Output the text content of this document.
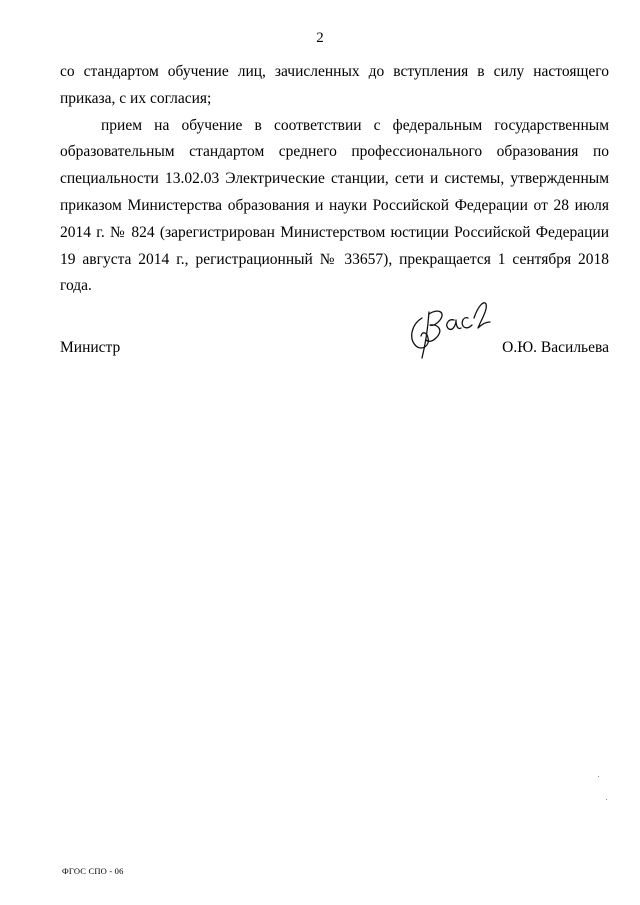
2

со стандартом обучение лиц, зачисленных до вступления в силу настоящего приказа, с их согласия;

прием на обучение в соответствии с федеральным государственным образовательным стандартом среднего профессионального образования по специальности 13.02.03 Электрические станции, сети и системы, утвержденным приказом Министерства образования и науки Российской Федерации от 28 июля 2014 г. № 824 (зарегистрирован Министерством юстиции Российской Федерации 19 августа 2014 г., регистрационный № 33657), прекращается 1 сентября 2018 года.

Министр	О.Ю. Васильева
ФГОС СПО - 06
